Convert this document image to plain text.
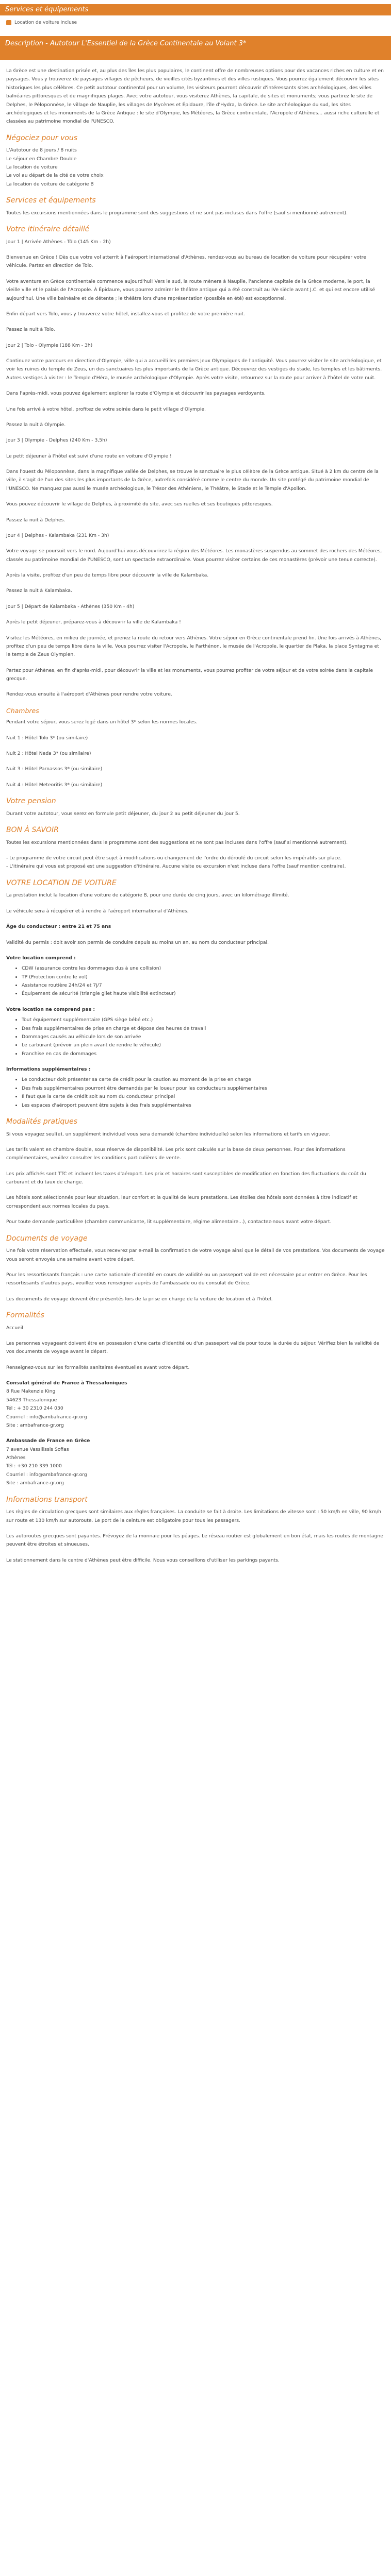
Services et équipements
Location de voiture incluse
Description - Autotour L'Essentiel de la Grèce Continentale au Volant 3*

La Grèce est une destination prisée et, au plus des îles les plus populaires, le continent offre de nombreuses options pour des vacances riches en culture et en paysages. Vous y trouverez de paysages villages de pêcheurs, de vieilles cités byzantines et des villes rustiques. Vous pourrez également découvrir les sites historiques les plus célèbres. Ce petit autotour continental pour un volume, les visiteurs pourront découvrir d'intéressants sites archéologiques, des villes balnéaires pittoresques et de magnifiques plages. Avec votre autotour, vous visiterez Athènes, la capitale, de sites et monuments; vous partirez le site de Delphes, le Péloponnèse, le village de Nauplie, les villages de Mycènes et Épidaure, l'île d'Hydra, la Grèce. Le site archéologique du sud, les sites archéologiques et les monuments de la Grèce Antique : le site d'Olympie, les Météores, la Grèce continentale, l'Acropole d'Athènes... aussi riche culturelle et classées au patrimoine mondial de l'UNESCO.

Négociez pour vous

L'Autotour de 8 jours / 8 nuits

Le séjour en Chambre Double

La location de voiture

Le vol au départ de la cité de votre choix

La location de voiture de catégorie B

Services et équipements

Toutes les excursions mentionnées dans le programme sont des suggestions et ne sont pas incluses dans l'offre (sauf si mentionné autrement).

Votre itinéraire détaillé

Jour 1 | Arrivée Athènes - Tôlo (145 Km - 2h)

Bienvenue en Grèce ! Dès que votre vol atterrit à l'aéroport international d'Athènes, rendez-vous au bureau de location de voiture pour récupérer votre véhicule. Partez en direction de Tolo.

Votre aventure en Grèce continentale commence aujourd'hui! Vers le sud, la route mènera à Nauplie, l'ancienne capitale de la Grèce moderne, le port, la vieille ville et le palais de l'Acropole. À Épidaure, vous pourrez admirer le théâtre antique qui a été construit au IVe siècle avant J.C. et qui est encore utilisé aujourd'hui. Une ville balnéaire et de détente ; le théâtre lors d'une représentation (possible en été) est exceptionnel.

Enfin départ vers Tolo, vous y trouverez votre hôtel, installez-vous et profitez de votre première nuit.

Passez la nuit à Tolo.

Jour 2 | Tolo - Olympie (188 Km - 3h)

Continuez votre parcours en direction d'Olympie, ville qui a accueilli les premiers Jeux Olympiques de l'antiquité. Vous pourrez visiter le site archéologique, et voir les ruines du temple de Zeus, un des sanctuaires les plus importants de la Grèce antique. Découvrez des vestiges du stade, les temples et les bâtiments. Autres vestiges à visiter : le Temple d'Héra, le musée archéologique d'Olympie. Après votre visite, retournez sur la route pour arriver à l'hôtel de votre nuit.

Dans l'après-midi, vous pouvez également explorer la route d'Olympie et découvrir les paysages verdoyants.

Une fois arrivé à votre hôtel, profitez de votre soirée dans le petit village d'Olympie.

Passez la nuit à Olympie.

Jour 3 | Olympie - Delphes (240 Km - 3,5h)

Le petit déjeuner à l'hôtel est suivi d'une route en voiture d'Olympie !

Dans l'ouest du Péloponnèse, dans la magnifique vallée de Delphes, se trouve le sanctuaire le plus célèbre de la Grèce antique. Situé à 2 km du centre de la ville, il s'agit de l'un des sites les plus importants de la Grèce, autrefois considéré comme le centre du monde. Un site protégé du patrimoine mondial de l'UNESCO. Ne manquez pas aussi le musée archéologique, le Trésor des Athéniens, le Théâtre, le Stade et le Temple d'Apollon.

Vous pouvez découvrir le village de Delphes, à proximité du site, avec ses ruelles et ses boutiques pittoresques.

Passez la nuit à Delphes.

Jour 4 | Delphes - Kalambaka (231 Km - 3h)

Votre voyage se poursuit vers le nord. Aujourd'hui vous découvrirez la région des Météores. Les monastères suspendus au sommet des rochers des Météores, classés au patrimoine mondial de l'UNESCO, sont un spectacle extraordinaire. Vous pourrez visiter certains de ces monastères (prévoir une tenue correcte).

Après la visite, profitez d'un peu de temps libre pour découvrir la ville de Kalambaka.

Passez la nuit à Kalambaka.

Jour 5 | Départ de Kalambaka - Athènes (350 Km - 4h)

Après le petit déjeuner, préparez-vous à découvrir la ville de Kalambaka !

Visitez les Météores, en milieu de journée, et prenez la route du retour vers Athènes. Votre séjour en Grèce continentale prend fin. Une fois arrivés à Athènes, profitez d'un peu de temps libre dans la ville. Vous pourrez visiter l'Acropole, le Parthénon, le musée de l'Acropole, le quartier de Plaka, la place Syntagma et le temple de Zeus Olympien.

Partez pour Athènes, en fin d'après-midi, pour découvrir la ville et les monuments, vous pourrez profiter de votre séjour et de votre soirée dans la capitale grecque.

Rendez-vous ensuite à l'aéroport d'Athènes pour rendre votre voiture.

Chambres

Pendant votre séjour, vous serez logé dans un hôtel 3* selon les normes locales.

Nuit 1 : Hôtel Tolo 3* (ou similaire)

Nuit 2 : Hôtel Neda 3* (ou similaire)

Nuit 3 : Hôtel Parnassos 3* (ou similaire)

Nuit 4 : Hôtel Meteoritis 3* (ou similaire)

Votre pension

Durant votre autotour, vous serez en formule petit déjeuner, du jour 2 au petit déjeuner du jour 5.

BON À SAVOIR

Toutes les excursions mentionnées dans le programme sont des suggestions et ne sont pas incluses dans l'offre (sauf si mentionné autrement).

- Le programme de votre circuit peut être sujet à modifications ou changement de l'ordre du déroulé du circuit selon les impératifs sur place.

- L'itinéraire qui vous est proposé est une suggestion d'itinéraire. Aucune visite ou excursion n'est incluse dans l'offre (sauf mention contraire).

VOTRE LOCATION DE VOITURE

La prestation inclut la location d'une voiture de catégorie B, pour une durée de cinq jours, avec un kilométrage illimité.

Le véhicule sera à récupérer et à rendre à l'aéroport international d'Athènes.

Âge du conducteur : entre 21 et 75 ans

Validité du permis : doit avoir son permis de conduire depuis au moins un an, au nom du conducteur principal.

Votre location comprend :

• CDW (assurance contre les dommages dus à une collision)
• TP (Protection contre le vol)
• Assistance routière 24h/24 et 7j/7
• Équipement de sécurité (triangle gilet haute visibilité extincteur)

Votre location ne comprend pas :

• Tout équipement supplémentaire (GPS siège bébé etc.)
• Des frais supplémentaires de prise en charge et dépose des heures de travail
• Dommages causés au véhicule lors de son arrivée
• Le carburant (prévoir un plein avant de rendre le véhicule)
• Franchise en cas de dommages

Informations supplémentaires :

• Le conducteur doit présenter sa carte de crédit pour la caution au moment de la prise en charge
• Des frais supplémentaires pourront être demandés par le loueur pour les conducteurs supplémentaires
• Il faut que la carte de crédit soit au nom du conducteur principal
• Les espaces d'aéroport peuvent être sujets à des frais supplémentaires
Modalités pratiques

Si vous voyagez seul(e), un supplément individuel vous sera demandé (chambre individuelle) selon les informations et tarifs en vigueur.

Les tarifs valent en chambre double, sous réserve de disponibilité. Les prix sont calculés sur la base de deux personnes. Pour des informations complémentaires, veuillez consulter les conditions particulières de vente.

Les prix affichés sont TTC et incluent les taxes d'aéroport. Les prix et horaires sont susceptibles de modification en fonction des fluctuations du coût du carburant et du taux de change.

Les hôtels sont sélectionnés pour leur situation, leur confort et la qualité de leurs prestations. Les étoiles des hôtels sont données à titre indicatif et correspondent aux normes locales du pays.

Pour toute demande particulière (chambre communicante, lit supplémentaire, régime alimentaire...), contactez-nous avant votre départ.

Documents de voyage

Une fois votre réservation effectuée, vous recevrez par e-mail la confirmation de votre voyage ainsi que le détail de vos prestations. Vos documents de voyage vous seront envoyés une semaine avant votre départ.

Pour les ressortissants français : une carte nationale d'identité en cours de validité ou un passeport valide est nécessaire pour entrer en Grèce. Pour les ressortissants d'autres pays, veuillez vous renseigner auprès de l'ambassade ou du consulat de Grèce.

Les documents de voyage doivent être présentés lors de la prise en charge de la voiture de location et à l'hôtel.

Formalités

Accueil

Les personnes voyageant doivent être en possession d'une carte d'identité ou d'un passeport valide pour toute la durée du séjour. Vérifiez bien la validité de vos documents de voyage avant le départ.

Renseignez-vous sur les formalités sanitaires éventuelles avant votre départ.

Consulat général de France à Thessaloniques

8 Rue Makenzie King

54623 Thessalonique

Tél : + 30 2310 244 030

Courriel : info@ambafrance-gr.org

Site : ambafrance-gr.org

Ambassade de France en Grèce

7 avenue Vassilissis Sofias

Athènes

Tél : +30 210 339 1000

Courriel : info@ambafrance-gr.org

Site : ambafrance-gr.org

Informations transport

Les règles de circulation grecques sont similaires aux règles françaises. La conduite se fait à droite. Les limitations de vitesse sont : 50 km/h en ville, 90 km/h sur route et 130 km/h sur autoroute. Le port de la ceinture est obligatoire pour tous les passagers.

Les autoroutes grecques sont payantes. Prévoyez de la monnaie pour les péages. Le réseau routier est globalement en bon état, mais les routes de montagne peuvent être étroites et sinueuses.

Le stationnement dans le centre d'Athènes peut être difficile. Nous vous conseillons d'utiliser les parkings payants.
